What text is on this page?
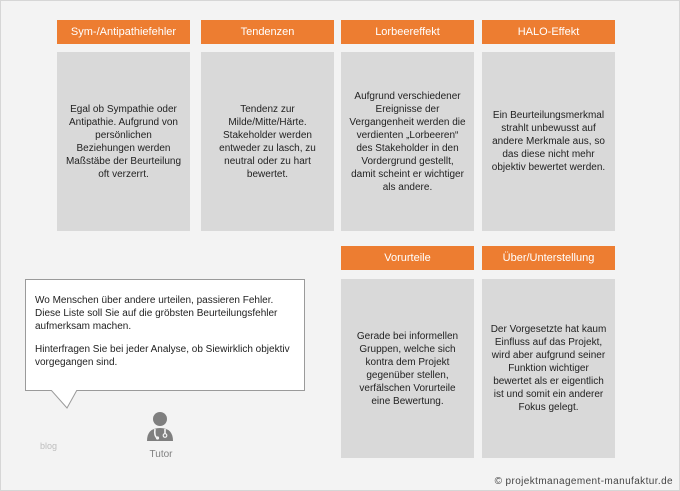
Sym-/Antipathiefehler
Egal ob Sympathie oder Antipathie. Aufgrund von persönlichen Beziehungen werden Maßstäbe der Beurteilung oft verzerrt.
Tendenzen
Tendenz zur Milde/Mitte/Härte. Stakeholder werden entweder zu lasch, zu neutral oder zu hart bewertet.
Lorbeereffekt
Aufgrund verschiedener Ereignisse der Vergangenheit werden die verdienten „Lorbeeren“ des Stakeholder in den Vordergrund gestellt, damit scheint er wichtiger als andere.
HALO-Effekt
Ein Beurteilungsmerkmal strahlt unbewusst auf andere Merkmale aus, so das diese nicht mehr objektiv bewertet werden.
Vorurteile
Gerade bei informellen Gruppen, welche sich kontra dem Projekt gegenüber stellen, verfälschen Vorurteile eine Bewertung.
Über/Unterstellung
Der Vorgesetzte hat kaum Einfluss auf das Projekt, wird aber aufgrund seiner Funktion wichtiger bewertet als er eigentlich ist und somit ein anderer Fokus gelegt.

Wo Menschen über andere urteilen, passieren Fehler. Diese Liste soll Sie auf die gröbsten Beurteilungsfehler aufmerksam machen.

Hinterfragen Sie bei jeder Analyse, ob Siewirklich objektiv vorgegangen sind.

Tutor
blog
© projektmanagement-manufaktur.de
